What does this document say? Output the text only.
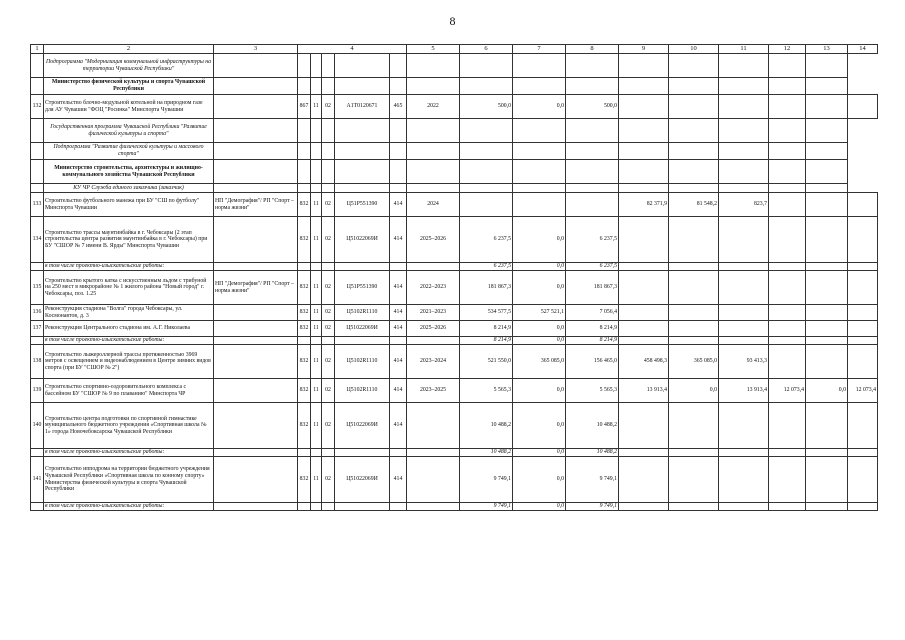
8
1	2	3	4					5	6	7	8	9	10	11	12	13	14
	Подпрограмма "Модернизация коммунальной инфраструктуры на территории Чувашской Республики"																
	Министерство физической культуры и спорта Чувашской Республики																
132	Строительство блочно-модульной котельной на природном газе для АУ Чувашии "ФОЦ "Росинка" Минспорта Чувашии		867	11	02	А1Т0120671	465	2022	500,0	0,0	500,0						
	Государственная программа Чувашской Республики "Развитие физической культуры и спорта"																
	Подпрограмма "Развитие физической культуры и массового спорта"																
	Министерство строительства, архитектуры и жилищно-коммунального хозяйства Чувашской Республики																
	КУ ЧР Служба единого заказчика (заказчик)																
133	Строительство футбольного манежа при БУ "СШ по футболу" Минспорта Чувашии	НП "Демография"/ РП "Спорт – норма жизни"	832	11	02	Ц51Р551390	414	2024				82 371,9	81 548,2	823,7			
134	Строительство трассы маунтинбайка в г. Чебоксары (2 этап строительства центра развития маунтинбайка в г. Чебоксары) при БУ "СШОР № 7 имени В. Ярды" Минспорта Чувашии		832	11	02	Ц51022069И	414	2025–2026	6 237,5	0,0	6 237,5						
	в том числе проектно-изыскательские работы:								6 237,5	0,0	6 237,5						
135	Строительство крытого катка с искусственным льдом с трибуной на 250 мест в микрорайоне № 1 жилого района "Новый город" г. Чебоксары, поз. 1.25	НП "Демография"/ РП "Спорт – норма жизни"	832	11	02	Ц51Р551390	414	2022–2023	181 867,3	0,0	181 867,3						
136	Реконструкция стадиона "Волга" города Чебоксары, ул. Космонавтов, д. 3		832	11	02	Ц5102R1110	414	2021–2023	534 577,5	527 521,1	7 056,4						
137	Реконструкция Центрального стадиона им. А.Г. Николаева		832	11	02	Ц51022069И	414	2025–2026	8 214,9	0,0	8 214,9						
	в том числе проектно-изыскательские работы:								8 214,9	0,0	8 214,9						
138	Строительство лыжероллерной трассы протяженностью 3969 метров с освещением и видеонаблюдением в Центре зимних видов спорта (при БУ "СШОР № 2")		832	11	02	Ц5102R1110	414	2023–2024	521 550,0	365 085,0	156 465,0	458 498,3	365 085,0	93 413,3			
139	Строительство спортивно-оздоровительного комплекса с бассейном БУ "СШОР № 9 по плаванию" Минспорта ЧР		832	11	02	Ц5102R1110	414	2023–2025	5 565,3	0,0	5 565,3	13 913,4	0,0	13 913,4	12 073,4	0,0	12 073,4
140	Строительство центра подготовки по спортивной гимнастике муниципального бюджетного учреждения «Спортивная школа № 1» города Новочебоксарска Чувашской Республики		832	11	02	Ц51022069И	414		10 488,2	0,0	10 488,2						
	в том числе проектно-изыскательские работы:								10 488,2	0,0	10 488,2						
141	Строительство ипподрома на территории бюджетного учреждения Чувашской Республики «Спортивная школа по конному спорту» Министерства физической культуры и спорта Чувашской Республики		832	11	02	Ц51022069И	414		9 749,1	0,0	9 749,1						
	в том числе проектно-изыскательские работы:								9 749,1	0,0	9 749,1						
